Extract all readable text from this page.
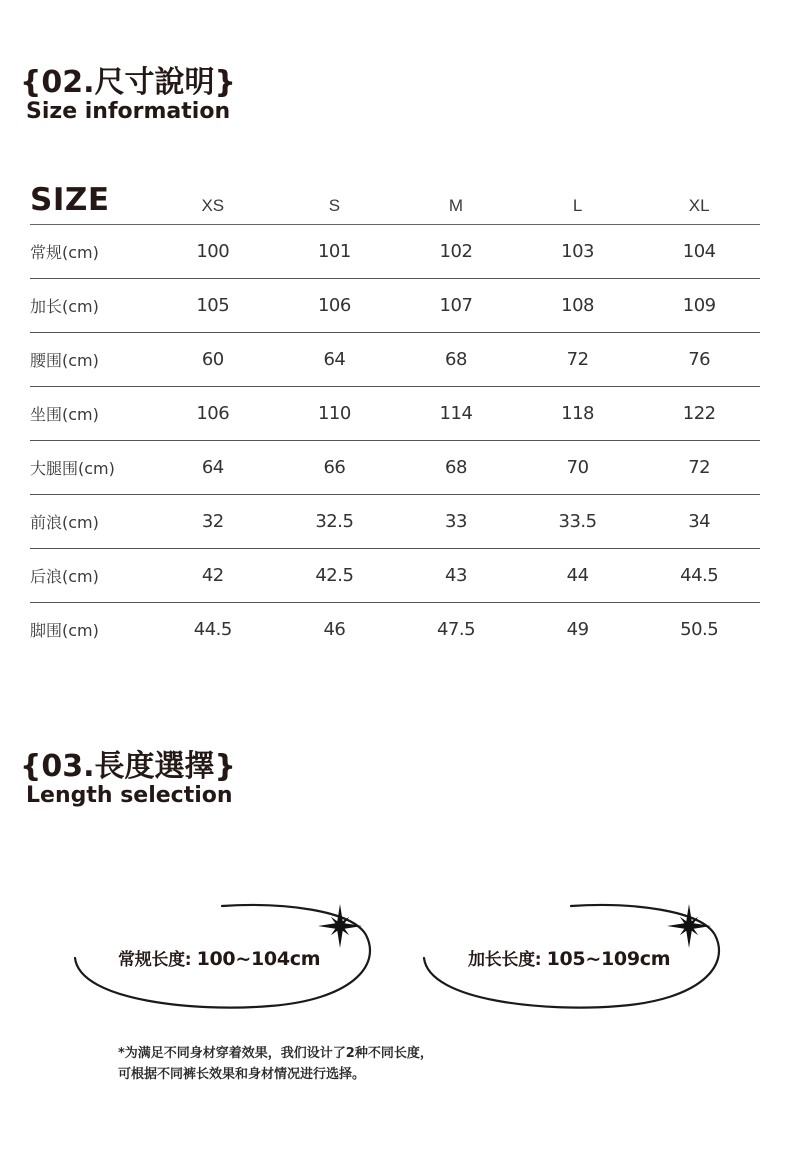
{02.尺寸說明}
Size information
SIZE	XS	S	M	L	XL
常规(cm)	100	101	102	103	104
加长(cm)	105	106	107	108	109
腰围(cm)	60	64	68	72	76
坐围(cm)	106	110	114	118	122
大腿围(cm)	64	66	68	70	72
前浪(cm)	32	32.5	33	33.5	34
后浪(cm)	42	42.5	43	44	44.5
脚围(cm)	44.5	46	47.5	49	50.5
{03.長度選擇}
Length selection
常规长度: 100~104cm	加长长度: 105~109cm
*为满足不同身材穿着效果，我们设计了2种不同长度，
可根据不同裤长效果和身材情况进行选择。
